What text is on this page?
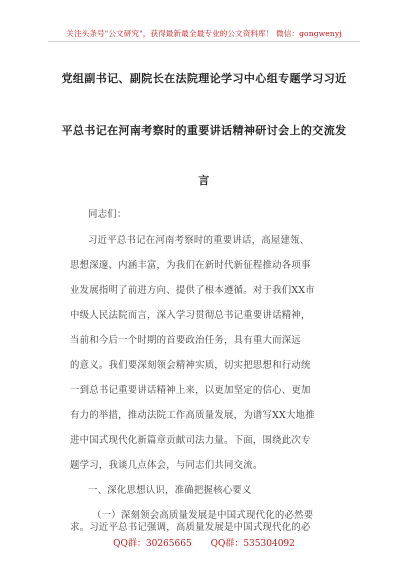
关注头条号"公文研究"，获得最新最全最专业的公文资料库！ 微信：gongwenyj
党组副书记、副院长在法院理论学习中心组专题学习习近
平总书记在河南考察时的重要讲话精神研讨会上的交流发
言
同志们：
习近平总书记在河南考察时的重要讲话，高屋建瓴、
思想深邃、内涵丰富，为我们在新时代新征程推动各项事
业发展指明了前进方向、提供了根本遵循。对于我们XX市
中级人民法院而言，深入学习贯彻总书记重要讲话精神，
当前和今后一个时期的首要政治任务，具有重大而深远
的意义。我们要深刻领会精神实质，切实把思想和行动统
一到总书记重要讲话精神上来，以更加坚定的信心、更加
有力的举措，推动法院工作高质量发展，为谱写XX大地推
进中国式现代化新篇章贡献司法力量。下面，围绕此次专
题学习，我谈几点体会，与同志们共同交流。
一、深化思想认识，准确把握核心要义
（一）深刻领会高质量发展是中国式现代化的必然要
求。习近平总书记强调，高质量发展是中国式现代化的必
QQ群：30265665 QQ群：535304092
